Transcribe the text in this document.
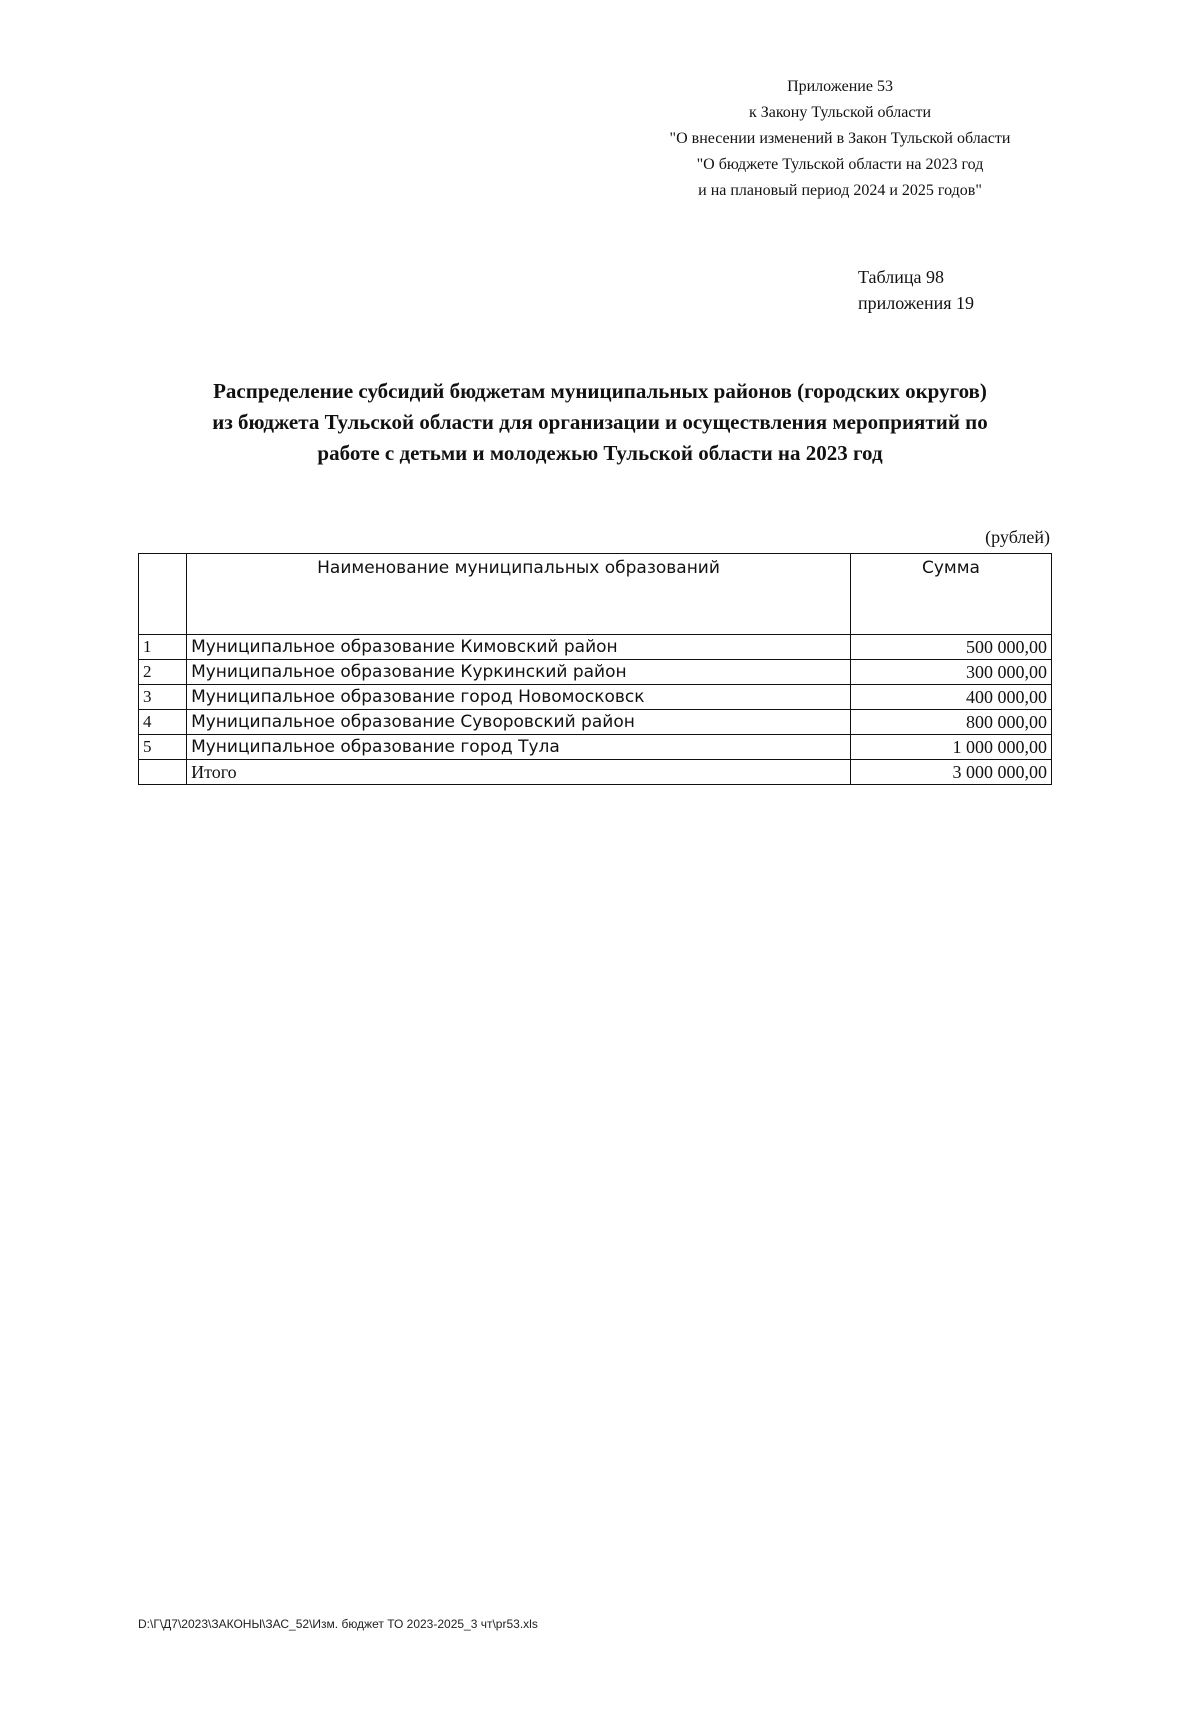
Приложение 53
к Закону Тульской области
"О внесении изменений в Закон Тульской области
"О бюджете Тульской области на 2023 год
и на плановый период 2024 и 2025 годов"
Таблица 98
приложения 19
Распределение субсидий бюджетам муниципальных районов (городских округов)
из бюджета Тульской области для организации и осуществления мероприятий по
работе с детьми и молодежью Тульской области на 2023 год
(рублей)
	Наименование муниципальных образований	Сумма
1	Муниципальное образование Кимовский район	500 000,00
2	Муниципальное образование Куркинский район	300 000,00
3	Муниципальное образование город Новомосковск	400 000,00
4	Муниципальное образование Суворовский район	800 000,00
5	Муниципальное образование город Тула	1 000 000,00
	Итого	3 000 000,00
D:\Г\Д7\2023\ЗАКОНЫ\ЗАС_52\Изм. бюджет ТО 2023-2025_3 чт\pr53.xls
